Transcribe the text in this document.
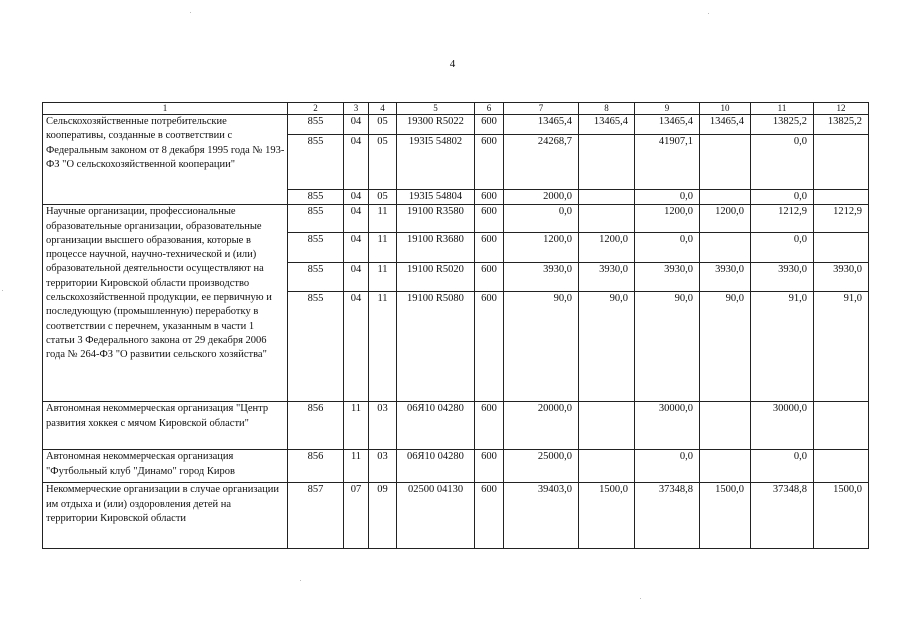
4
1	2	3	4	5	6	7	8	9	10	11	12
Сельскохозяйственные потребительские кооперативы, созданные в соответствии с Федеральным законом от 8 декабря 1995 года № 193-ФЗ "О сельскохозяйственной кооперации"	855	04	05	19300 R5022	600	13465,4	13465,4	13465,4	13465,4	13825,2	13825,2
	855	04	05	193I5 54802	600	24268,7		41907,1		0,0	
	855	04	05	193I5 54804	600	2000,0		0,0		0,0	
Научные организации, профессиональные образовательные организации, образовательные организации высшего образования, которые в процессе научной, научно-технической и (или) образовательной деятельности осуществляют на территории Кировской области производство сельскохозяйственной продукции, ее первичную и последующую (промышленную) переработку в соответствии с перечнем, указанным в части 1 статьи 3 Федерального закона от 29 декабря 2006 года № 264-ФЗ "О развитии сельского хозяйства"	855	04	11	19100 R3580	600	0,0		1200,0	1200,0	1212,9	1212,9
	855	04	11	19100 R3680	600	1200,0	1200,0	0,0		0,0	
	855	04	11	19100 R5020	600	3930,0	3930,0	3930,0	3930,0	3930,0	3930,0
	855	04	11	19100 R5080	600	90,0	90,0	90,0	90,0	91,0	91,0
Автономная некоммерческая организация "Центр развития хоккея с мячом Кировской области"	856	11	03	06Я10 04280	600	20000,0		30000,0		30000,0	
Автономная некоммерческая организация "Футбольный клуб "Динамо" город Киров	856	11	03	06Я10 04280	600	25000,0		0,0		0,0	
Некоммерческие организации в случае организации им отдыха и (или) оздоровления детей на территории Кировской области	857	07	09	02500 04130	600	39403,0	1500,0	37348,8	1500,0	37348,8	1500,0
